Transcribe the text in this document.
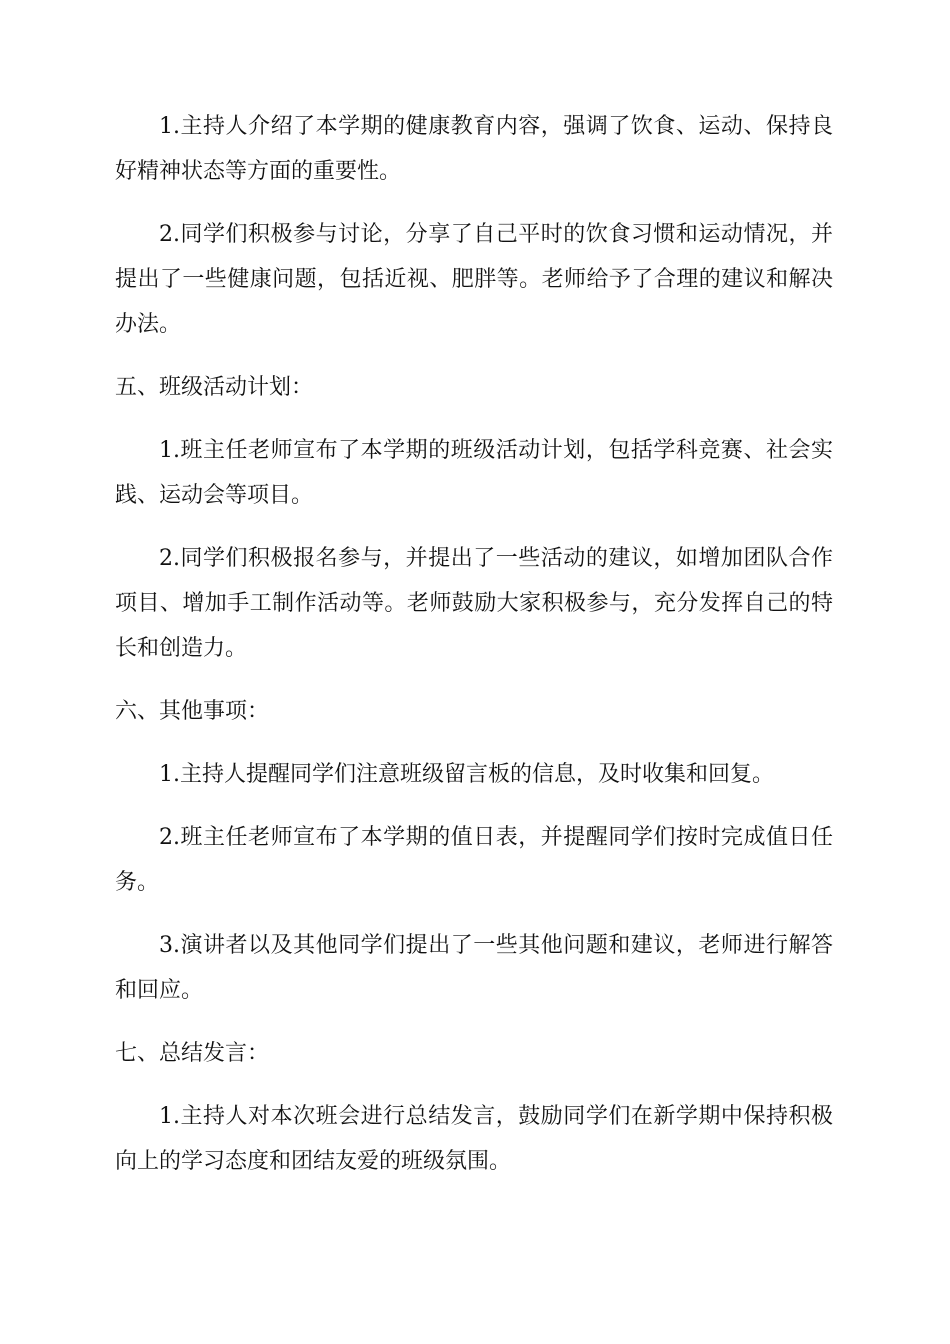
1.主持人介绍了本学期的健康教育内容，强调了饮食、运动、保持良好精神状态等方面的重要性。

2.同学们积极参与讨论，分享了自己平时的饮食习惯和运动情况，并提出了一些健康问题，包括近视、肥胖等。老师给予了合理的建议和解决办法。

五、班级活动计划：

1.班主任老师宣布了本学期的班级活动计划，包括学科竞赛、社会实践、运动会等项目。

2.同学们积极报名参与，并提出了一些活动的建议，如增加团队合作项目、增加手工制作活动等。老师鼓励大家积极参与，充分发挥自己的特长和创造力。

六、其他事项：

1.主持人提醒同学们注意班级留言板的信息，及时收集和回复。

2.班主任老师宣布了本学期的值日表，并提醒同学们按时完成值日任务。

3.演讲者以及其他同学们提出了一些其他问题和建议，老师进行解答和回应。

七、总结发言：

1.主持人对本次班会进行总结发言，鼓励同学们在新学期中保持积极向上的学习态度和团结友爱的班级氛围。
